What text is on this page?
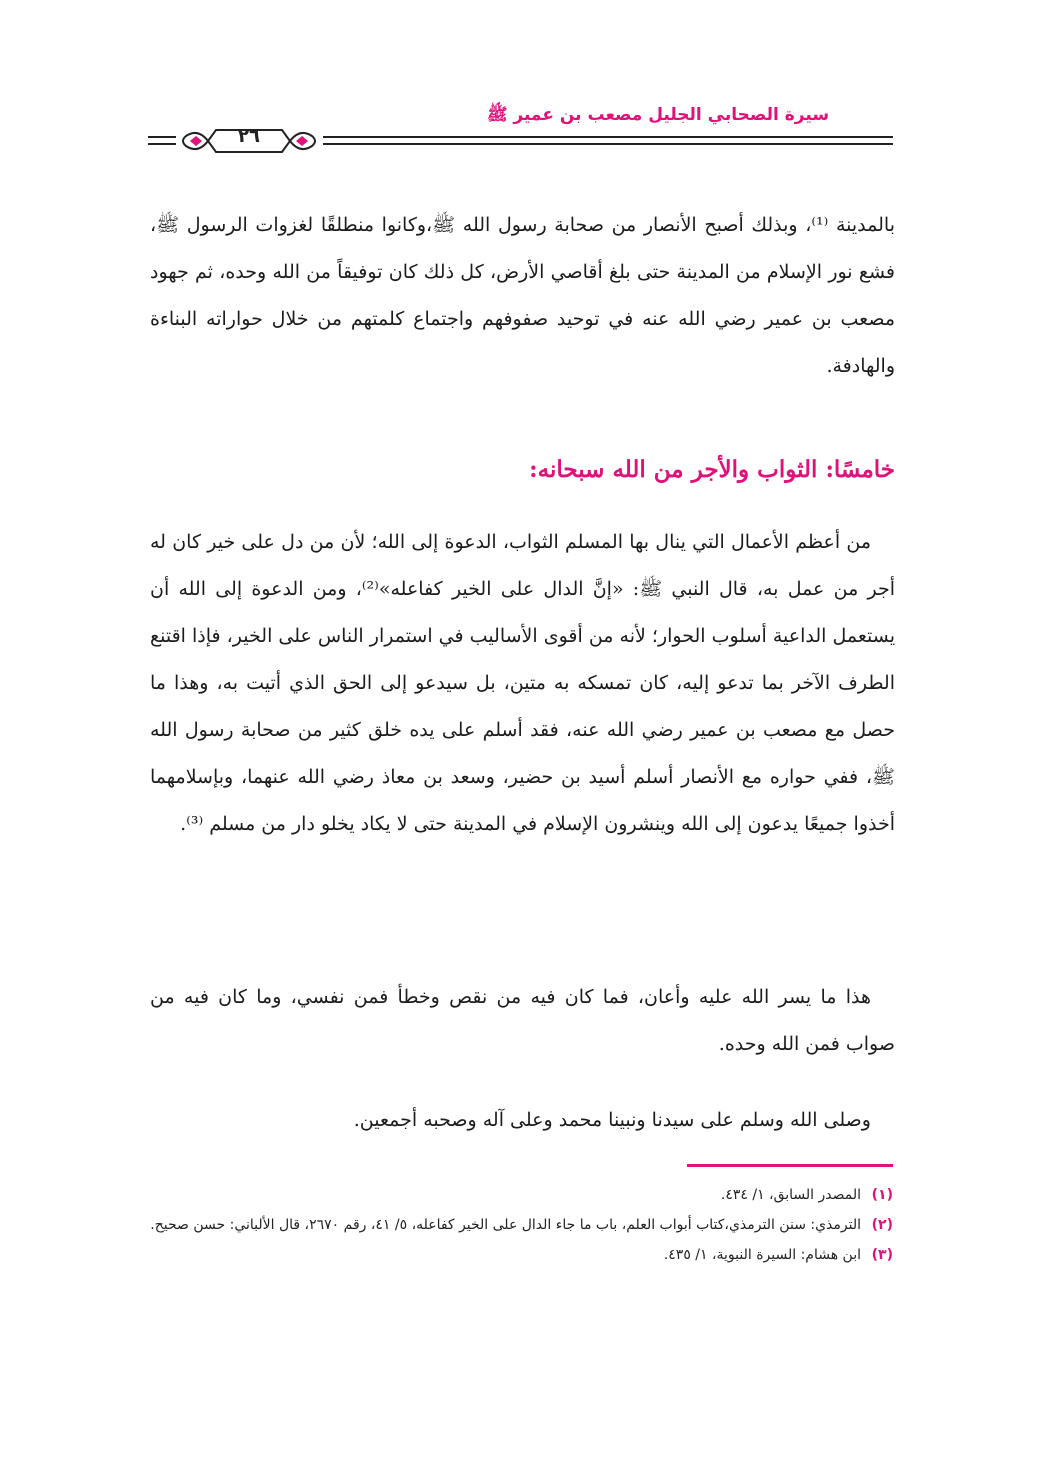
سيرة الصحابي الجليل مصعب بن عمير ﷺ
٢٦

بالمدينة ⁽¹⁾، وبذلك أصبح الأنصار من صحابة رسول الله ﷺ،وكانوا منطلقًا لغزوات الرسول ﷺ، فشع نور الإسلام من المدينة حتى بلغ أقاصي الأرض، كل ذلك كان توفيقاً من الله وحده، ثم جهود مصعب بن عمير رضي الله عنه في توحيد صفوفهم واجتماع كلمتهم من خلال حواراته البناءة والهادفة.

خامسًا: الثواب والأجر من الله سبحانه:

من أعظم الأعمال التي ينال بها المسلم الثواب، الدعوة إلى الله؛ لأن من دل على خير كان له أجر من عمل به، قال النبي ﷺ: «إنَّ الدال على الخير كفاعله»⁽²⁾، ومن الدعوة إلى الله أن يستعمل الداعية أسلوب الحوار؛ لأنه من أقوى الأساليب في استمرار الناس على الخير، فإذا اقتنع الطرف الآخر بما تدعو إليه، كان تمسكه به متين، بل سيدعو إلى الحق الذي أتيت به، وهذا ما حصل مع مصعب بن عمير رضي الله عنه، فقد أسلم على يده خلق كثير من صحابة رسول الله ﷺ، ففي حواره مع الأنصار أسلم أسيد بن حضير، وسعد بن معاذ رضي الله عنهما، وبإسلامهما أخذوا جميعًا يدعون إلى الله وينشرون الإسلام في المدينة حتى لا يكاد يخلو دار من مسلم ⁽³⁾.

هذا ما يسر الله عليه وأعان، فما كان فيه من نقص وخطأ فمن نفسي، وما كان فيه من صواب فمن الله وحده.

وصلى الله وسلم على سيدنا ونبينا محمد وعلى آله وصحبه أجمعين.

(١)
المصدر السابق، ١/ ٤٣٤.
(٢)
الترمذي: سنن الترمذي،كتاب أبواب العلم، باب ما جاء الدال على الخير كفاعله، ٥/ ٤١، رقم ٢٦٧٠، قال الألباني: حسن صحيح.
(٣)
ابن هشام: السيرة النبوية، ١/ ٤٣٥.
